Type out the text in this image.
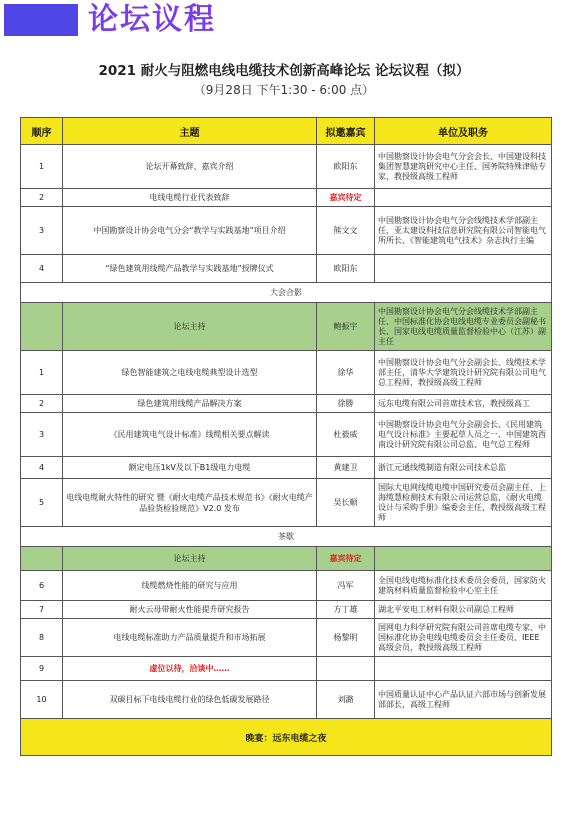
论坛议程
2021 耐火与阻燃电线电缆技术创新高峰论坛 论坛议程（拟）
（9月28日 下午1:30 - 6:00 点）
顺序	主题	拟邀嘉宾	单位及职务
1	论坛开幕致辞、嘉宾介绍	欧阳东	中国勘察设计协会电气分会会长、中国建设科技集团智慧建筑研究中心主任、国务院特殊津贴专家，教授级高级工程师
2	电线电缆行业代表致辞	嘉宾待定	
3	中国勘察设计协会电气分会“教学与实践基地”项目介绍	熊文文	中国勘察设计协会电气分会线缆技术学部副主任，亚太建设科技信息研究院有限公司智能电气所所长、《智能建筑电气技术》杂志执行主编
4	“绿色建筑用线缆产品教学与实践基地”授牌仪式	欧阳东	
大会合影			
	论坛主持	鲍振宇	中国勘察设计协会电气分会线缆技术学部副主任、中国标准化协会电线电缆专业委员会副秘书长、国家电线电缆质量监督检验中心（江苏）副主任
1	绿色智能建筑之电线电缆典型设计选型	徐华	中国勘察设计协会电气分会副会长、线缆技术学部主任，清华大学建筑设计研究院有限公司电气总工程师，教授级高级工程师
2	绿色建筑用线缆产品解决方案	徐勝	远东电缆有限公司首席技术官，教授级高工
3	《民用建筑电气设计标准》线缆相关要点解读	杜毅威	中国勘察设计协会电气分会副会长、《民用建筑电气设计标准》主要起草人员之一、中国建筑西南设计研究院有限公司总监、电气总工程师
4	额定电压1kV及以下B1级电力电缆	黄建卫	浙江元通线缆制造有限公司技术总监
5	电线电缆耐火特性的研究 暨《耐火电缆产品技术规范书》《耐火电缆产品验货检验规范》V2.0 发布	吴长顺	国际大电网线缆电缆中国研究委员会副主任、上海缆慧检测技术有限公司运营总监，《耐火电缆设计与采购手册》编委会主任，教授级高级工程师
茶歇			
	论坛主持	嘉宾待定	
6	线缆燃烧性能的研究与应用	冯军	全国电线电缆标准化技术委员会委员，国家防火建筑材料质量监督检验中心室主任
7	耐火云母带耐火性能提升研究报告	方丁雄	湖北平安电工材料有限公司副总工程师
8	电线电缆标准助力产品质量提升和市场拓展	杨黎明	国网电力科学研究院有限公司首席电缆专家、中国标准化协会电线电缆委员会主任委员、IEEE 高级会员，教授级高级工程师
9	虚位以待，洽谈中……		
10	双碳目标下电线电缆行业的绿色低碳发展路径	刘潞	中国质量认证中心产品认证六部市场与创新发展部部长，高级工程师
晚宴：远东电缆之夜			
